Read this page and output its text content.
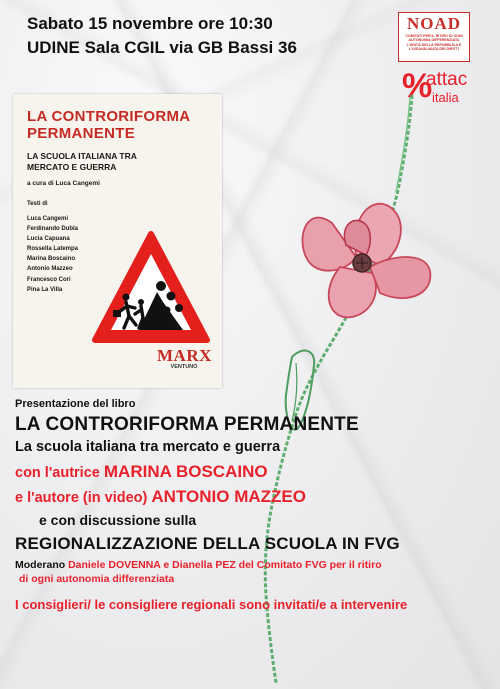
Sabato 15 novembre ore 10:30
UDINE Sala CGIL via GB Bassi 36
NOAD
COMITATI PER IL RITIRO DI OGNI AUTONOMIA DIFFERENZIATA L'UNITÀ DELLA REPUBBLICA E L'UGUAGLIANZA DEI DIRITTI
%
attac
italia
LA CONTRORIFORMA
PERMANENTE
LA SCUOLA ITALIANA TRA
MERCATO E GUERRA
a cura di Luca Cangemi
Testi di
Luca Cangemi
Ferdinando Dubla
Lucia Capuana
Rossella Latempa
Marina Boscaino
Antonio Mazzeo
Francesco Cori
Pina La Villa
MARX
VENTUNO
Presentazione del libro
LA CONTRORIFORMA PERMANENTE
La scuola italiana tra mercato e guerra
con l'autrice MARINA BOSCAINO
e l'autore (in video) ANTONIO MAZZEO
e con discussione sulla
REGIONALIZZAZIONE DELLA SCUOLA IN FVG
Moderano Daniele DOVENNA e Dianella PEZ del Comitato FVG per il ritiro
di ogni autonomia differenziata
I consiglieri/ le consigliere regionali sono invitati/e a intervenire
